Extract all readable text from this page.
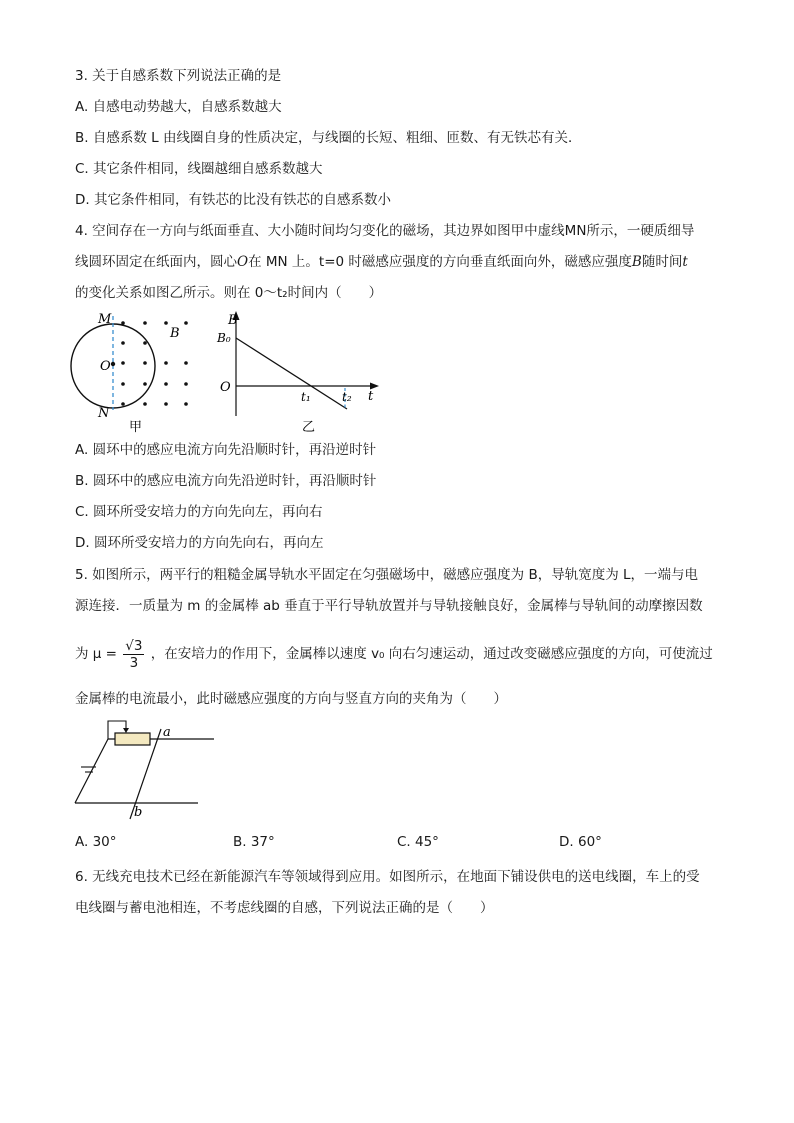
3. 关于自感系数下列说法正确的是
A. 自感电动势越大，自感系数越大
B. 自感系数 L 由线圈自身的性质决定，与线圈的长短、粗细、匝数、有无铁芯有关．
C. 其它条件相同，线圈越细自感系数越大
D. 其它条件相同，有铁芯的比没有铁芯的自感系数小
4. 空间存在一方向与纸面垂直、大小随时间均匀变化的磁场，其边界如图甲中虚线MN所示，一硬质细导
线圆环固定在纸面内，圆心O在 MN 上。t=0 时磁感应强度的方向垂直纸面向外，磁感应强度B随时间t
的变化关系如图乙所示。则在 0～t₂时间内（　　）
M
N
O
B
甲
B
B₀
O
t₁	t₂ t
乙
A. 圆环中的感应电流方向先沿顺时针，再沿逆时针
B. 圆环中的感应电流方向先沿逆时针，再沿顺时针
C. 圆环所受安培力的方向先向左，再向右
D. 圆环所受安培力的方向先向右，再向左
5. 如图所示，两平行的粗糙金属导轨水平固定在匀强磁场中，磁感应强度为 B，导轨宽度为 L，一端与电
源连接．一质量为 m 的金属棒 ab 垂直于平行导轨放置并与导轨接触良好，金属棒与导轨间的动摩擦因数
为 $\mu = \frac{√3}{3}$ ，在安培力的作用下，金属棒以速度 v₀ 向右匀速运动，通过改变磁感应强度的方向，可使流过
金属棒的电流最小，此时磁感应强度的方向与竖直方向的夹角为（　　）
a
b
A. 30°	B. 37°	C. 45°	D. 60°
6. 无线充电技术已经在新能源汽车等领域得到应用。如图所示，在地面下铺设供电的送电线圈，车上的受
电线圈与蓄电池相连，不考虑线圈的自感，下列说法正确的是（　　）
